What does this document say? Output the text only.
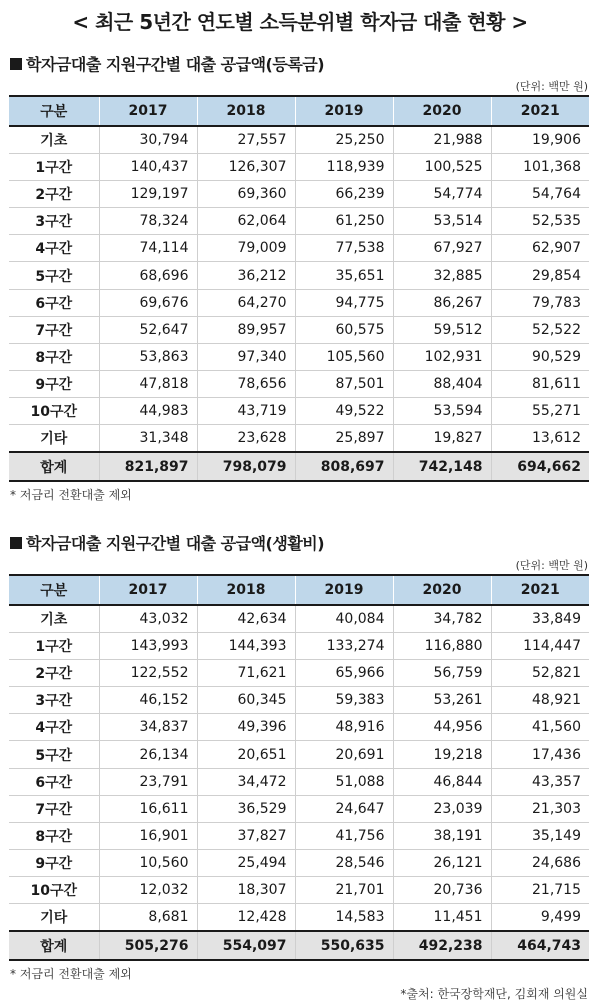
< 최근 5년간 연도별 소득분위별 학자금 대출 현황 >
학자금대출 지원구간별 대출 공급액(등록금)
(단위: 백만 원)
구분	2017	2018	2019	2020	2021
기초	30,794	27,557	25,250	21,988	19,906
1구간	140,437	126,307	118,939	100,525	101,368
2구간	129,197	69,360	66,239	54,774	54,764
3구간	78,324	62,064	61,250	53,514	52,535
4구간	74,114	79,009	77,538	67,927	62,907
5구간	68,696	36,212	35,651	32,885	29,854
6구간	69,676	64,270	94,775	86,267	79,783
7구간	52,647	89,957	60,575	59,512	52,522
8구간	53,863	97,340	105,560	102,931	90,529
9구간	47,818	78,656	87,501	88,404	81,611
10구간	44,983	43,719	49,522	53,594	55,271
기타	31,348	23,628	25,897	19,827	13,612
합계	821,897	798,079	808,697	742,148	694,662
* 저금리 전환대출 제외
학자금대출 지원구간별 대출 공급액(생활비)
(단위: 백만 원)
구분	2017	2018	2019	2020	2021
기초	43,032	42,634	40,084	34,782	33,849
1구간	143,993	144,393	133,274	116,880	114,447
2구간	122,552	71,621	65,966	56,759	52,821
3구간	46,152	60,345	59,383	53,261	48,921
4구간	34,837	49,396	48,916	44,956	41,560
5구간	26,134	20,651	20,691	19,218	17,436
6구간	23,791	34,472	51,088	46,844	43,357
7구간	16,611	36,529	24,647	23,039	21,303
8구간	16,901	37,827	41,756	38,191	35,149
9구간	10,560	25,494	28,546	26,121	24,686
10구간	12,032	18,307	21,701	20,736	21,715
기타	8,681	12,428	14,583	11,451	9,499
합계	505,276	554,097	550,635	492,238	464,743
* 저금리 전환대출 제외
*출처: 한국장학재단, 김회재 의원실
